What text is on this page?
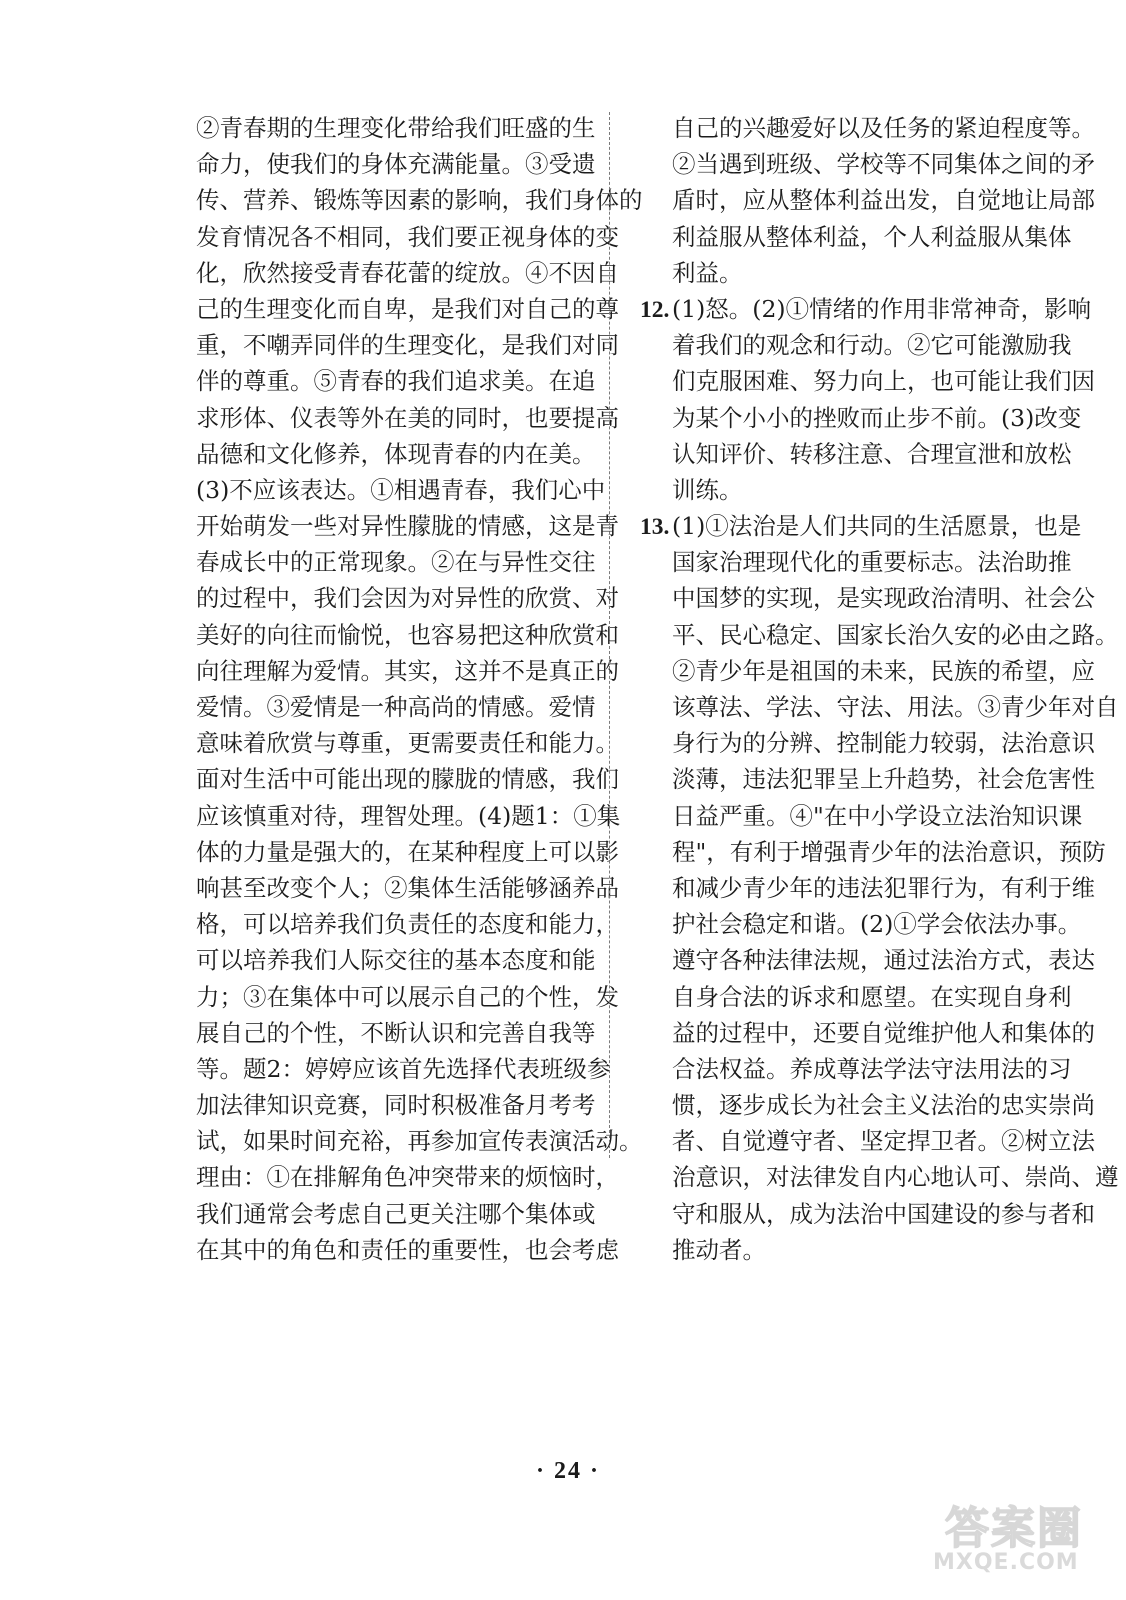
②青春期的生理变化带给我们旺盛的生
命力，使我们的身体充满能量。③受遗
传、营养、锻炼等因素的影响，我们身体的
发育情况各不相同，我们要正视身体的变
化，欣然接受青春花蕾的绽放。④不因自
己的生理变化而自卑，是我们对自己的尊
重，不嘲弄同伴的生理变化，是我们对同
伴的尊重。⑤青春的我们追求美。在追
求形体、仪表等外在美的同时，也要提高
品德和文化修养，体现青春的内在美。
(3)不应该表达。①相遇青春，我们心中
开始萌发一些对异性朦胧的情感，这是青
春成长中的正常现象。②在与异性交往
的过程中，我们会因为对异性的欣赏、对
美好的向往而愉悦，也容易把这种欣赏和
向往理解为爱情。其实，这并不是真正的
爱情。③爱情是一种高尚的情感。爱情
意味着欣赏与尊重，更需要责任和能力。
面对生活中可能出现的朦胧的情感，我们
应该慎重对待，理智处理。(4)题1：①集
体的力量是强大的，在某种程度上可以影
响甚至改变个人；②集体生活能够涵养品
格，可以培养我们负责任的态度和能力，
可以培养我们人际交往的基本态度和能
力；③在集体中可以展示自己的个性，发
展自己的个性，不断认识和完善自我等
等。题2：婷婷应该首先选择代表班级参
加法律知识竞赛，同时积极准备月考考
试，如果时间充裕，再参加宣传表演活动。
理由：①在排解角色冲突带来的烦恼时，
我们通常会考虑自己更关注哪个集体或
在其中的角色和责任的重要性，也会考虑
自己的兴趣爱好以及任务的紧迫程度等。
②当遇到班级、学校等不同集体之间的矛
盾时，应从整体利益出发，自觉地让局部
利益服从整体利益，个人利益服从集体
利益。
12. (1)怒。(2)①情绪的作用非常神奇，影响
着我们的观念和行动。②它可能激励我
们克服困难、努力向上，也可能让我们因
为某个小小的挫败而止步不前。(3)改变
认知评价、转移注意、合理宣泄和放松
训练。
13. (1)①法治是人们共同的生活愿景，也是
国家治理现代化的重要标志。法治助推
中国梦的实现，是实现政治清明、社会公
平、民心稳定、国家长治久安的必由之路。
②青少年是祖国的未来，民族的希望，应
该尊法、学法、守法、用法。③青少年对自
身行为的分辨、控制能力较弱，法治意识
淡薄，违法犯罪呈上升趋势，社会危害性
日益严重。④"在中小学设立法治知识课
程"，有利于增强青少年的法治意识，预防
和减少青少年的违法犯罪行为，有利于维
护社会稳定和谐。(2)①学会依法办事。
遵守各种法律法规，通过法治方式，表达
自身合法的诉求和愿望。在实现自身利
益的过程中，还要自觉维护他人和集体的
合法权益。养成尊法学法守法用法的习
惯，逐步成长为社会主义法治的忠实崇尚
者、自觉遵守者、坚定捍卫者。②树立法
治意识，对法律发自内心地认可、崇尚、遵
守和服从，成为法治中国建设的参与者和
推动者。
· 24 ·
答案圈
MXQE.COM
